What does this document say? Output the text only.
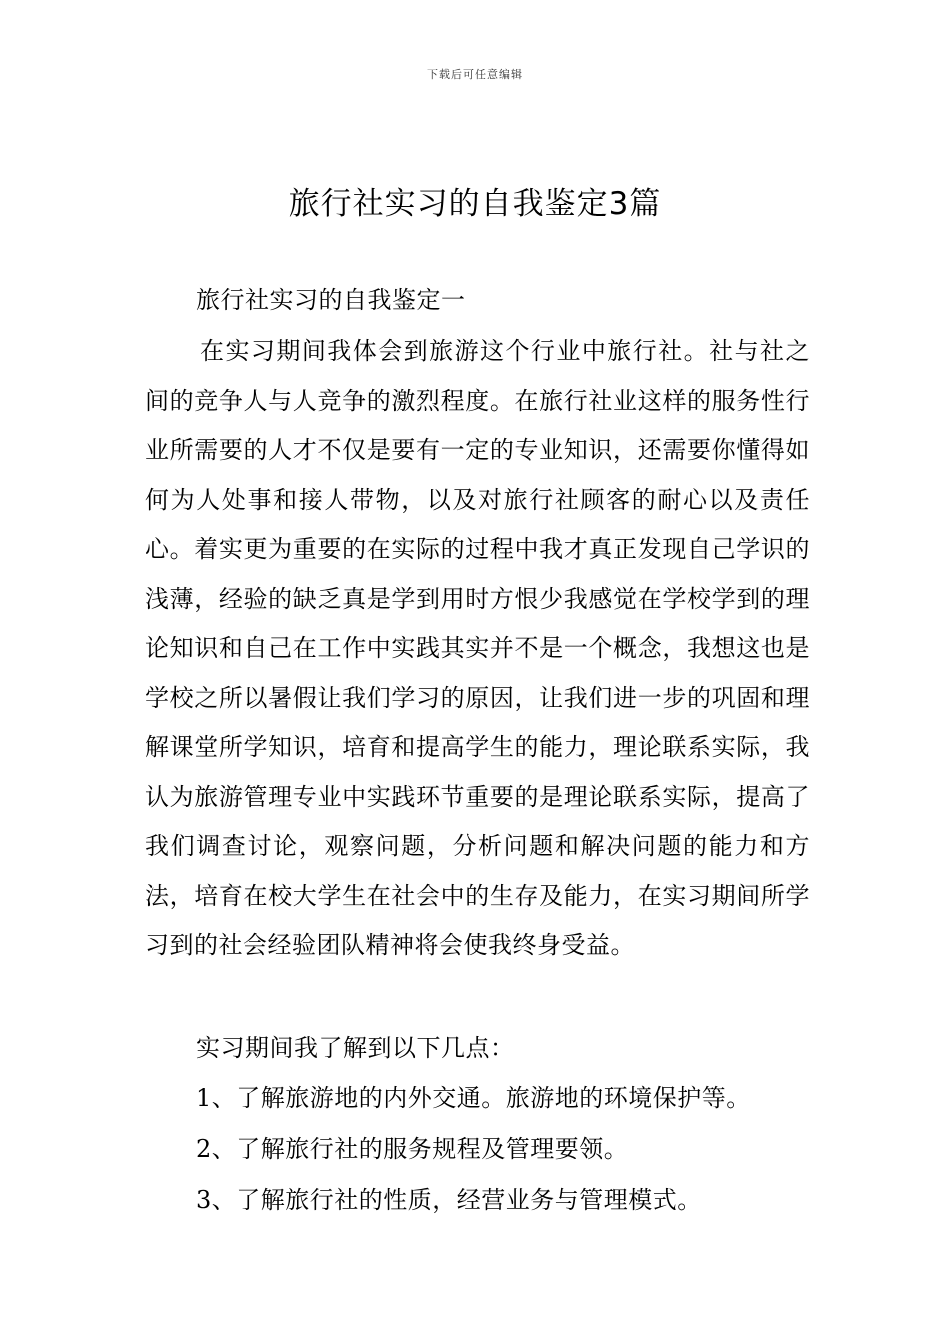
下载后可任意编辑
旅行社实习的自我鉴定3篇
旅行社实习的自我鉴定一
在实习期间我体会到旅游这个行业中旅行社。社与社之间的竞争人与人竞争的激烈程度。在旅行社业这样的服务性行业所需要的人才不仅是要有一定的专业知识，还需要你懂得如何为人处事和接人带物，以及对旅行社顾客的耐心以及责任心。着实更为重要的在实际的过程中我才真正发现自己学识的浅薄，经验的缺乏真是学到用时方恨少我感觉在学校学到的理论知识和自己在工作中实践其实并不是一个概念，我想这也是学校之所以暑假让我们学习的原因，让我们进一步的巩固和理解课堂所学知识，培育和提高学生的能力，理论联系实际，我认为旅游管理专业中实践环节重要的是理论联系实际，提高了我们调查讨论，观察问题，分析问题和解决问题的能力和方法，培育在校大学生在社会中的生存及能力，在实习期间所学习到的社会经验团队精神将会使我终身受益。
实习期间我了解到以下几点：
1、了解旅游地的内外交通。旅游地的环境保护等。
2、了解旅行社的服务规程及管理要领。
3、了解旅行社的性质，经营业务与管理模式。
